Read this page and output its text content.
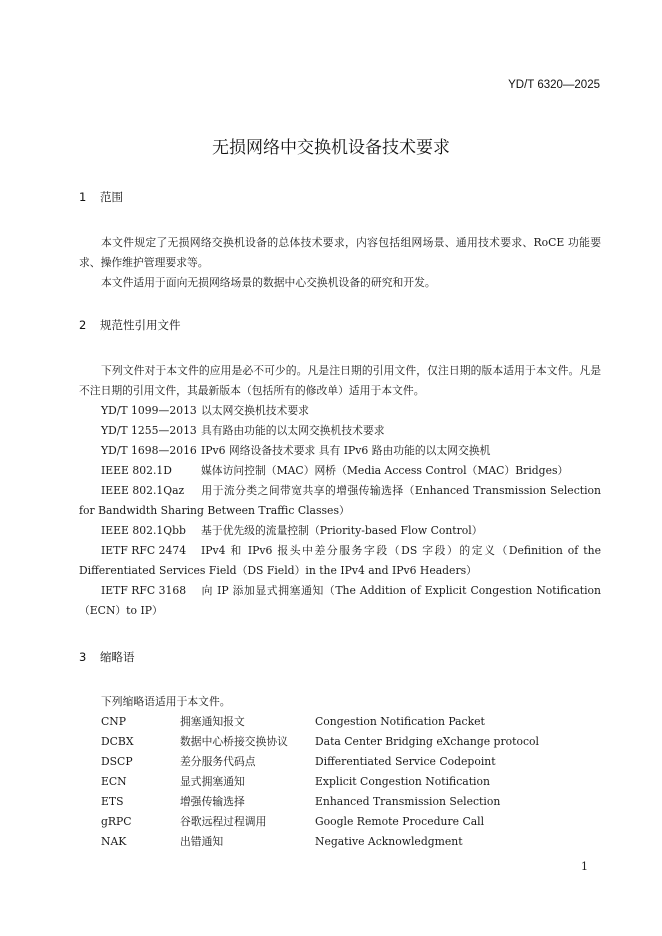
YD/T 6320—2025
无损网络中交换机设备技术要求
1 范围
本文件规定了无损网络交换机设备的总体技术要求，内容包括组网场景、通用技术要求、RoCE 功能要求、操作维护管理要求等。
本文件适用于面向无损网络场景的数据中心交换机设备的研究和开发。
2 规范性引用文件
下列文件对于本文件的应用是必不可少的。凡是注日期的引用文件，仅注日期的版本适用于本文件。凡是不注日期的引用文件，其最新版本（包括所有的修改单）适用于本文件。
YD/T 1099—2013 以太网交换机技术要求
YD/T 1255—2013 具有路由功能的以太网交换机技术要求
YD/T 1698—2016 IPv6 网络设备技术要求 具有 IPv6 路由功能的以太网交换机
IEEE 802.1D	媒体访问控制（MAC）网桥（Media Access Control（MAC）Bridges）
IEEE 802.1Qaz 用于流分类之间带宽共享的增强传输选择（Enhanced Transmission Selection for Bandwidth Sharing Between Traffic Classes）
IEEE 802.1Qbb 基于优先级的流量控制（Priority-based Flow Control）
IETF RFC 2474 IPv4 和 IPv6 报头中差分服务字段（DS 字段）的定义（Definition of the Differentiated Services Field（DS Field）in the IPv4 and IPv6 Headers）
IETF RFC 3168 向 IP 添加显式拥塞通知（The Addition of Explicit Congestion Notification（ECN）to IP）
3 缩略语
下列缩略语适用于本文件。
CNP	拥塞通知报文	Congestion Notification Packet
DCBX	数据中心桥接交换协议	Data Center Bridging eXchange protocol
DSCP	差分服务代码点	Differentiated Service Codepoint
ECN	显式拥塞通知	Explicit Congestion Notification
ETS	增强传输选择	Enhanced Transmission Selection
gRPC	谷歌远程过程调用	Google Remote Procedure Call
NAK	出错通知	Negative Acknowledgment
1
